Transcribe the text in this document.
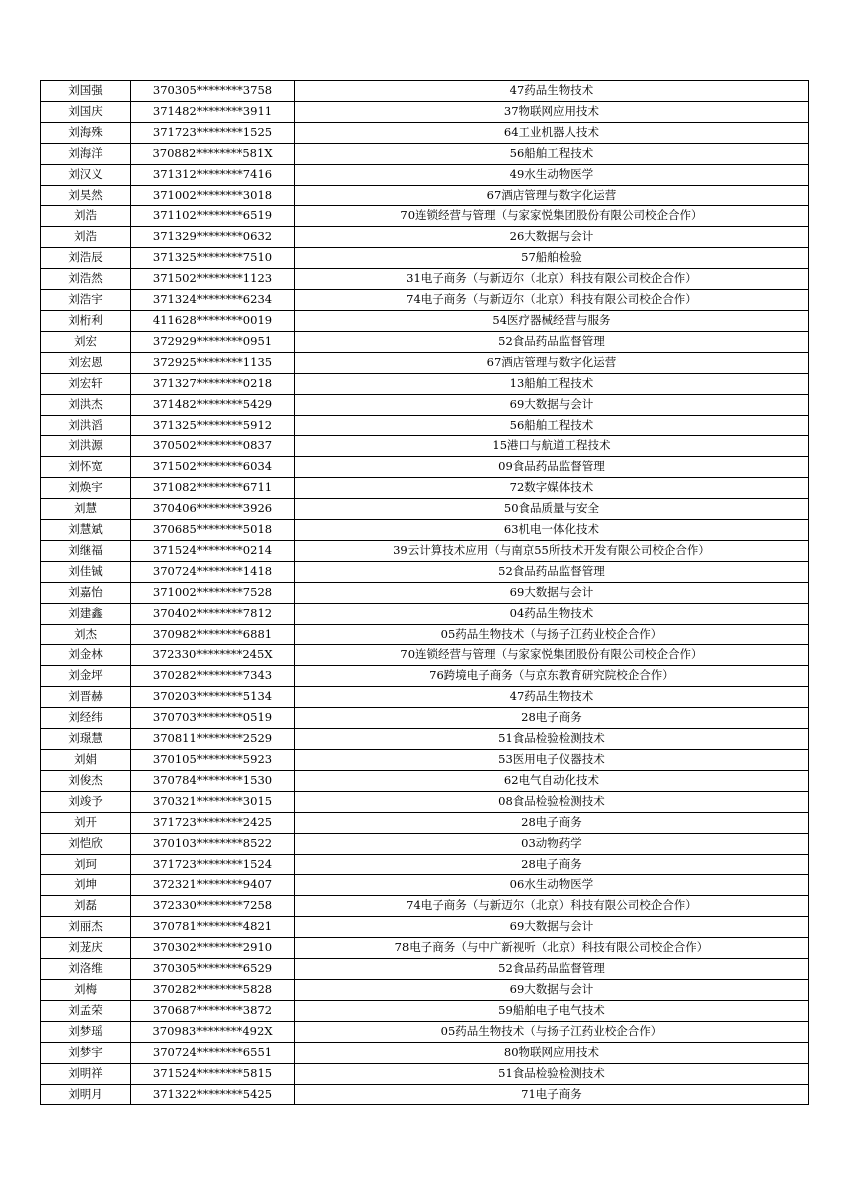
刘国强	370305********3758	47药品生物技术
刘国庆	371482********3911	37物联网应用技术
刘海殊	371723********1525	64工业机器人技术
刘海洋	370882********581X	56船舶工程技术
刘汉义	371312********7416	49水生动物医学
刘昊然	371002********3018	67酒店管理与数字化运营
刘浩	371102********6519	70连锁经营与管理（与家家悦集团股份有限公司校企合作）
刘浩	371329********0632	26大数据与会计
刘浩辰	371325********7510	57船舶检验
刘浩然	371502********1123	31电子商务（与新迈尔（北京）科技有限公司校企合作）
刘浩宇	371324********6234	74电子商务（与新迈尔（北京）科技有限公司校企合作）
刘桁利	411628********0019	54医疗器械经营与服务
刘宏	372929********0951	52食品药品监督管理
刘宏恩	372925********1135	67酒店管理与数字化运营
刘宏轩	371327********0218	13船舶工程技术
刘洪杰	371482********5429	69大数据与会计
刘洪滔	371325********5912	56船舶工程技术
刘洪源	370502********0837	15港口与航道工程技术
刘怀宽	371502********6034	09食品药品监督管理
刘焕宇	371082********6711	72数字媒体技术
刘慧	370406********3926	50食品质量与安全
刘慧斌	370685********5018	63机电一体化技术
刘继福	371524********0214	39云计算技术应用（与南京55所技术开发有限公司校企合作）
刘佳铖	370724********1418	52食品药品监督管理
刘嘉怡	371002********7528	69大数据与会计
刘建鑫	370402********7812	04药品生物技术
刘杰	370982********6881	05药品生物技术（与扬子江药业校企合作）
刘金林	372330********245X	70连锁经营与管理（与家家悦集团股份有限公司校企合作）
刘金坪	370282********7343	76跨境电子商务（与京东教育研究院校企合作）
刘晋赫	370203********5134	47药品生物技术
刘经纬	370703********0519	28电子商务
刘璟慧	370811********2529	51食品检验检测技术
刘娟	370105********5923	53医用电子仪器技术
刘俊杰	370784********1530	62电气自动化技术
刘竣予	370321********3015	08食品检验检测技术
刘开	371723********2425	28电子商务
刘恺欣	370103********8522	03动物药学
刘珂	371723********1524	28电子商务
刘坤	372321********9407	06水生动物医学
刘磊	372330********7258	74电子商务（与新迈尔（北京）科技有限公司校企合作）
刘丽杰	370781********4821	69大数据与会计
刘茏庆	370302********2910	78电子商务（与中广新视听（北京）科技有限公司校企合作）
刘洛维	370305********6529	52食品药品监督管理
刘梅	370282********5828	69大数据与会计
刘孟荣	370687********3872	59船舶电子电气技术
刘梦瑶	370983********492X	05药品生物技术（与扬子江药业校企合作）
刘梦宇	370724********6551	80物联网应用技术
刘明祥	371524********5815	51食品检验检测技术
刘明月	371322********5425	71电子商务
